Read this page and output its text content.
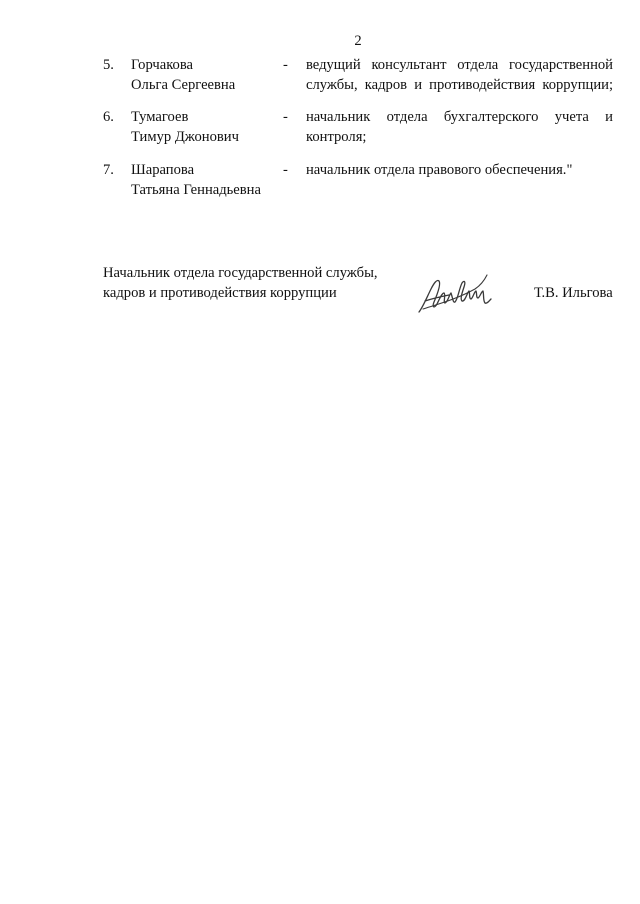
2
5. Горчакова
Ольга Сергеевна
- ведущий консультант отдела государственной
службы, кадров и противодействия коррупции;
6. Тумагоев
Тимур Джонович
- начальник отдела бухгалтерского учета и
контроля;
7. Шарапова
Татьяна Геннадьевна
- начальник отдела правового обеспечения."
Начальник отдела государственной службы,
кадров и противодействия коррупции	Т.В. Ильгова
